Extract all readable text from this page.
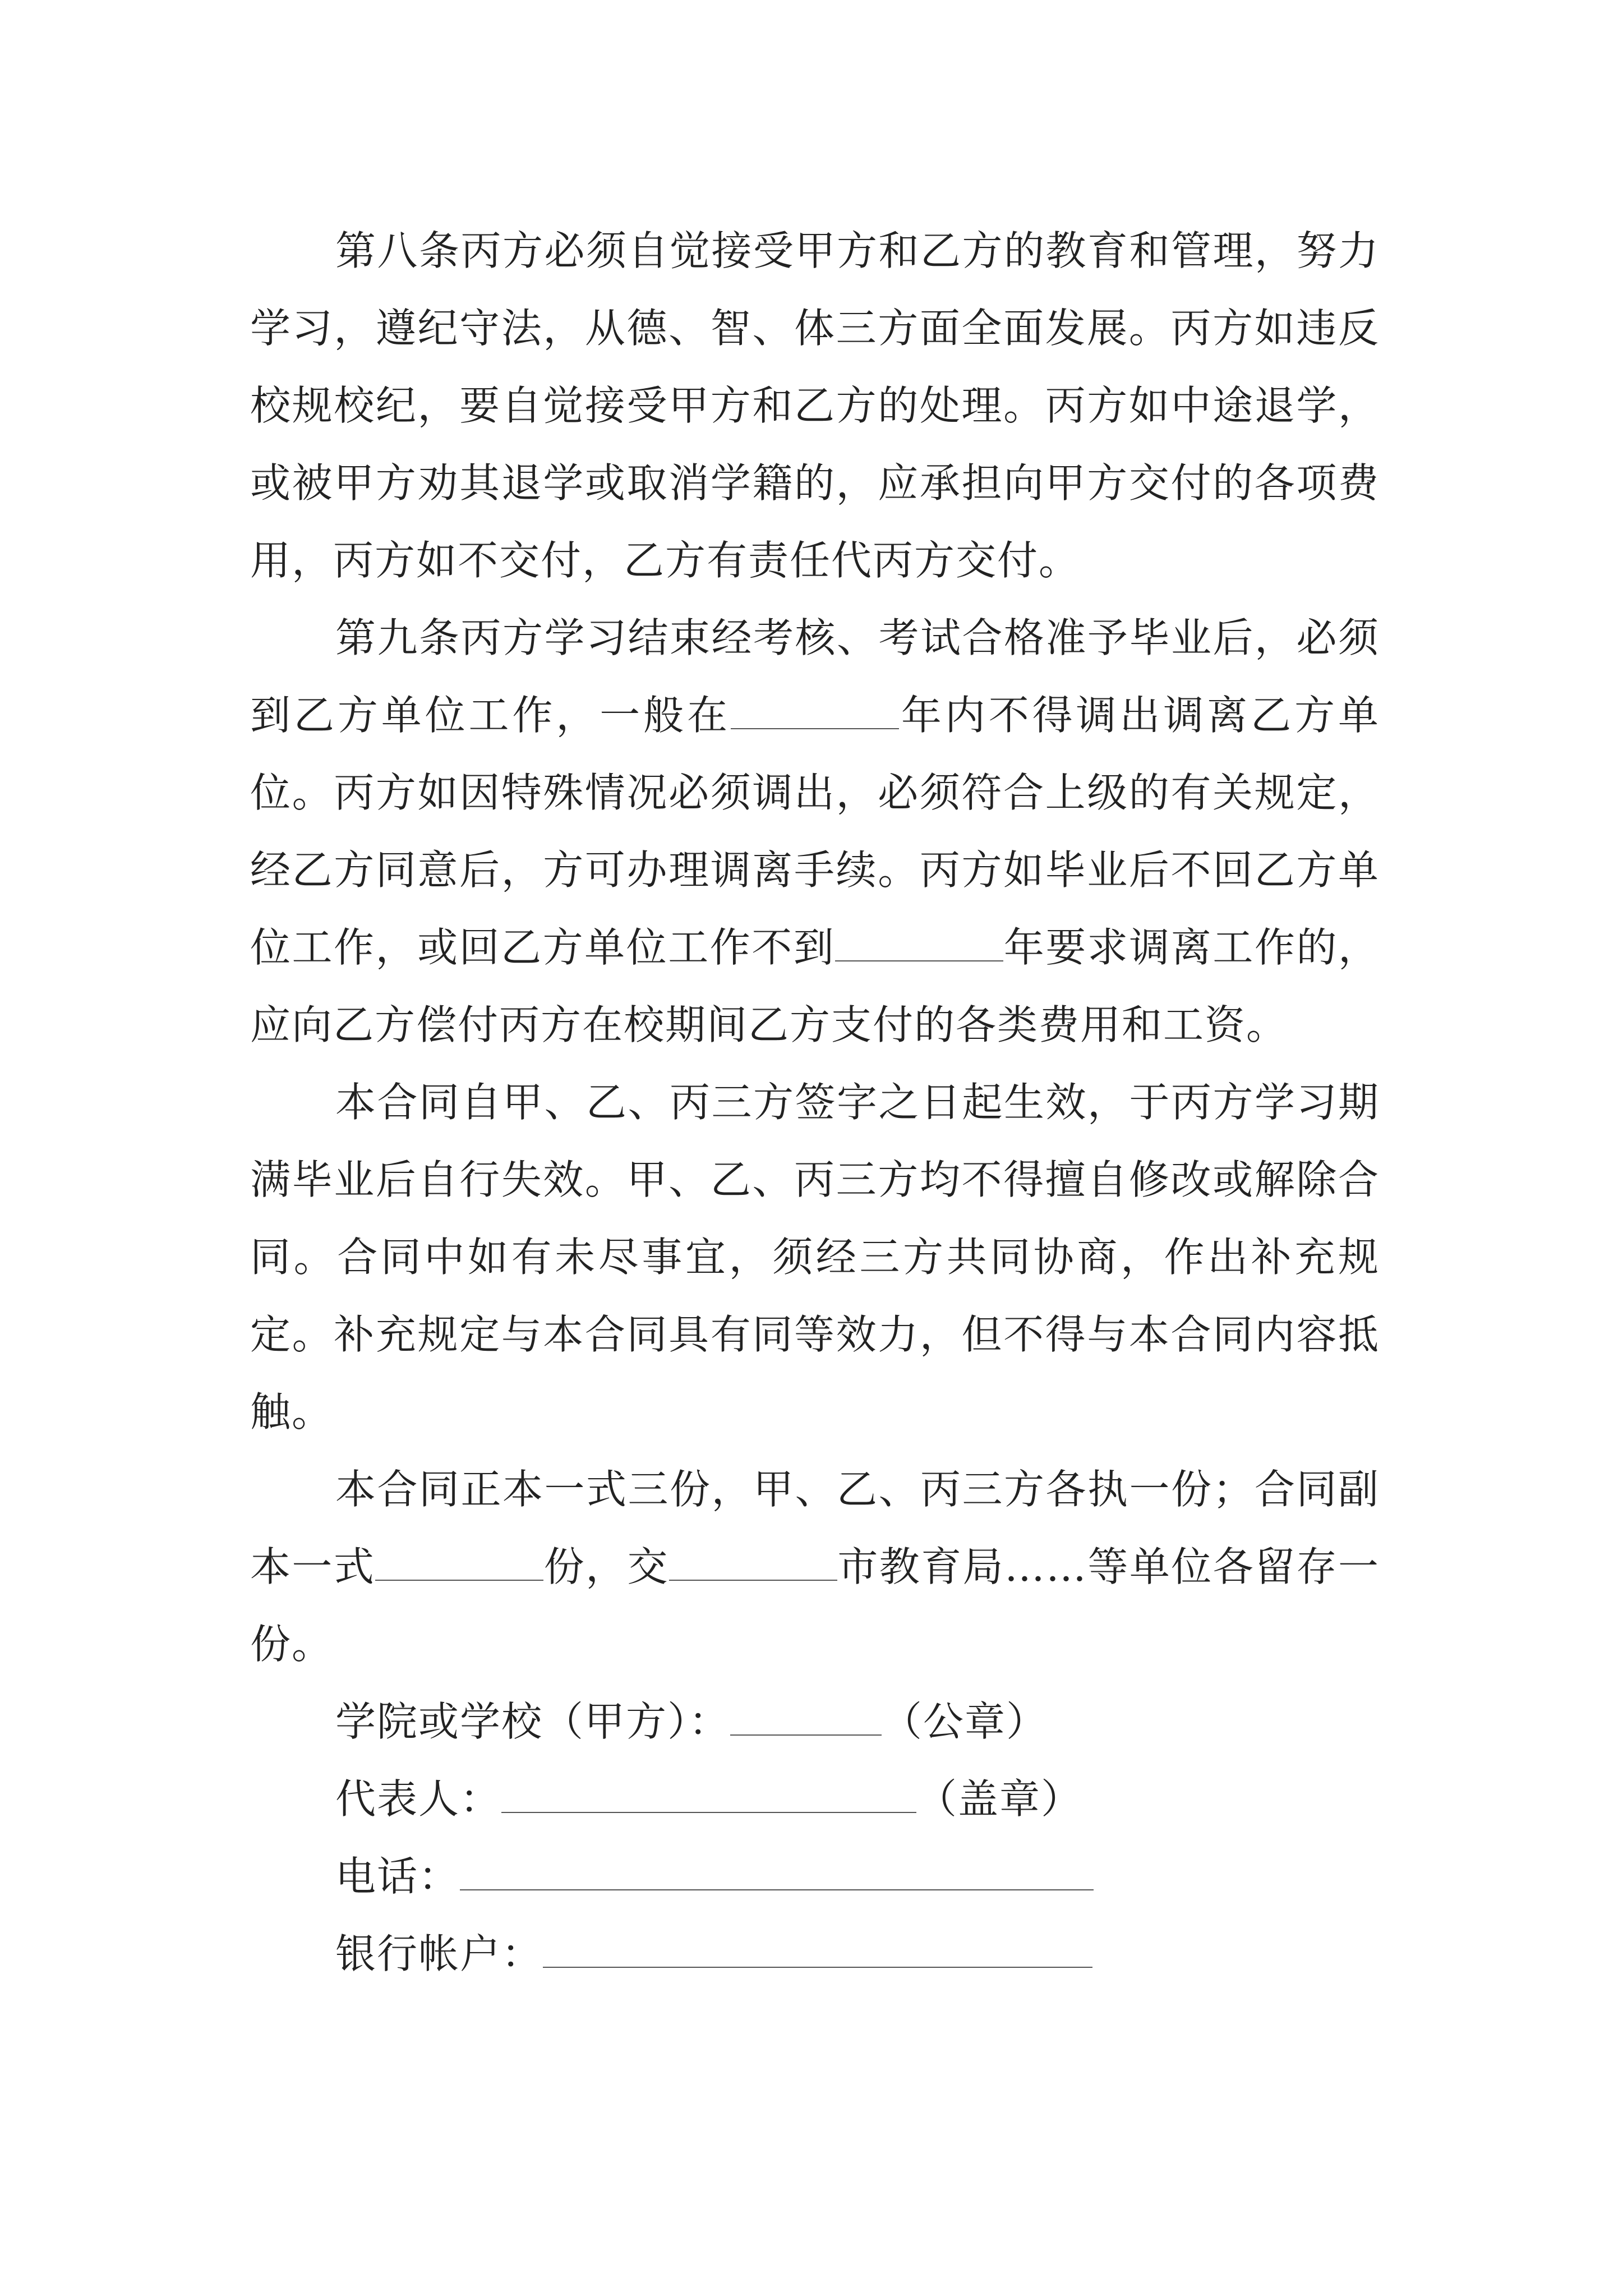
第八条丙方必须自觉接受甲方和乙方的教育和管理，努力学习，遵纪守法，从德、智、体三方面全面发展。丙方如违反校规校纪，要自觉接受甲方和乙方的处理。丙方如中途退学，或被甲方劝其退学或取消学籍的，应承担向甲方交付的各项费用，丙方如不交付，乙方有责任代丙方交付。

第九条丙方学习结束经考核、考试合格准予毕业后，必须到乙方单位工作，一般在	年内不得调出调离乙方单位。丙方如因特殊情况必须调出，必须符合上级的有关规定，经乙方同意后，方可办理调离手续。丙方如毕业后不回乙方单位工作，或回乙方单位工作不到	年要求调离工作的，应向乙方偿付丙方在校期间乙方支付的各类费用和工资。

本合同自甲、乙、丙三方签字之日起生效，于丙方学习期满毕业后自行失效。甲、乙、丙三方均不得擅自修改或解除合同。合同中如有未尽事宜，须经三方共同协商，作出补充规定。补充规定与本合同具有同等效力，但不得与本合同内容抵触。

本合同正本一式三份，甲、乙、丙三方各执一份；合同副本一式	份，交	市教育局……等单位各留存一份。

学院或学校（甲方）：	（公章）

代表人：	（盖章）

电话：

银行帐户：
